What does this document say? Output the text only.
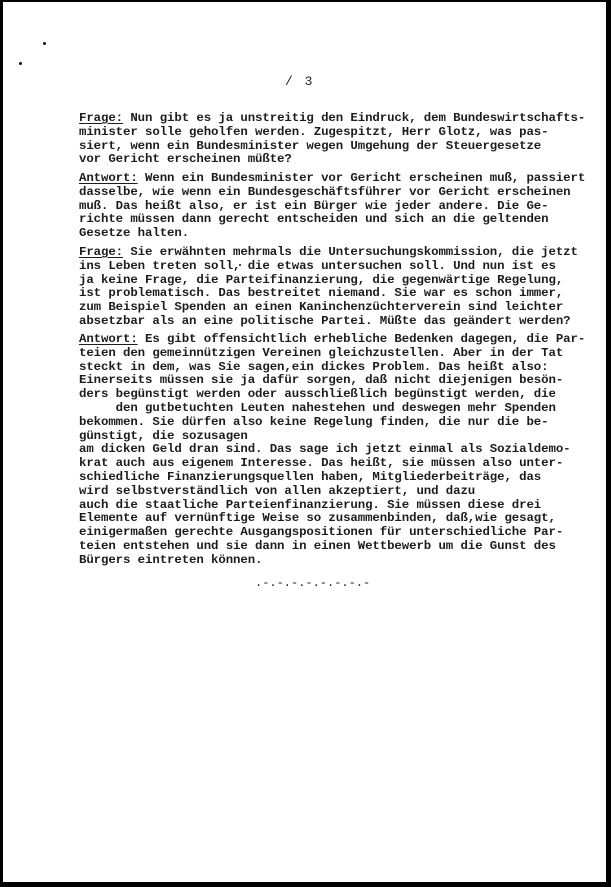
/ 3
Frage: Nun gibt es ja unstreitig den Eindruck, dem Bundeswirtschafts-
minister solle geholfen werden. Zugespitzt, Herr Glotz, was pas-
siert, wenn ein Bundesminister wegen Umgehung der Steuergesetze
vor Gericht erscheinen müßte?
Antwort: Wenn ein Bundesminister vor Gericht erscheinen muß, passiert
dasselbe, wie wenn ein Bundesgeschäftsführer vor Gericht erscheinen
muß. Das heißt also, er ist ein Bürger wie jeder andere. Die Ge-
richte müssen dann gerecht entscheiden und sich an die geltenden
Gesetze halten.
Frage: Sie erwähnten mehrmals die Untersuchungskommission, die jetzt
ins Leben treten soll, die etwas untersuchen soll. Und nun ist es
ja keine Frage, die Parteifinanzierung, die gegenwärtige Regelung,
ist problematisch. Das bestreitet niemand. Sie war es schon immer,
zum Beispiel Spenden an einen Kaninchenzüchterverein sind leichter
absetzbar als an eine politische Partei. Müßte das geändert werden?
Antwort: Es gibt offensichtlich erhebliche Bedenken dagegen, die Par-
teien den gemeinnützigen Vereinen gleichzustellen. Aber in der Tat
steckt in dem, was Sie sagen,ein dickes Problem. Das heißt also:
Einerseits müssen sie ja dafür sorgen, daß nicht diejenigen besön-
ders begünstigt werden oder ausschließlich begünstigt werden, die
den gutbetuchten Leuten nahestehen und deswegen mehr Spenden
bekommen. Sie dürfen also keine Regelung finden, die nur die be-
günstigt, die sozusagen
am dicken Geld dran sind. Das sage ich jetzt einmal als Sozialdemo-
krat auch aus eigenem Interesse. Das heißt, sie müssen also unter-
schiedliche Finanzierungsquellen haben, Mitgliederbeiträge, das
wird selbstverständlich von allen akzeptiert, und dazu
auch die staatliche Parteienfinanzierung. Sie müssen diese drei
Elemente auf vernünftige Weise so zusammenbinden, daß,wie gesagt,
einigermaßen gerechte Ausgangspositionen für unterschiedliche Par-
teien entstehen und sie dann in einen Wettbewerb um die Gunst des
Bürgers eintreten können.
.-.-.-.-.-.-.-.-
